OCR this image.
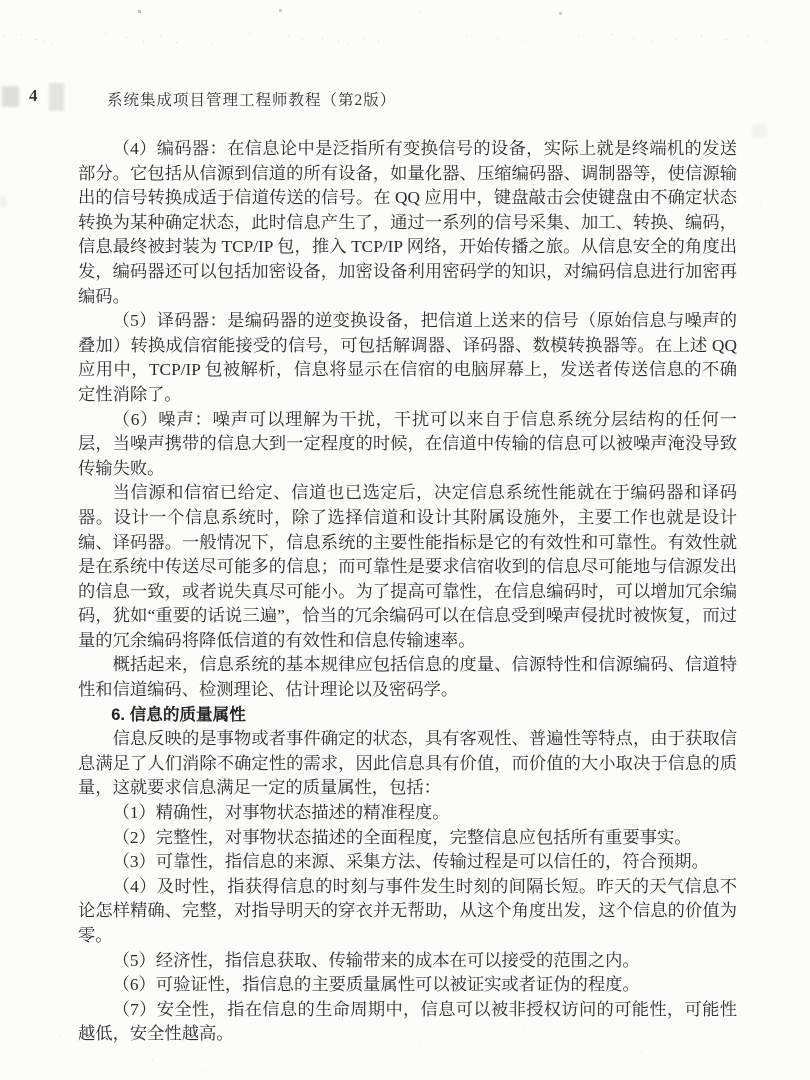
4	系统集成项目管理工程师教程（第2版）

（4）编码器：在信息论中是泛指所有变换信号的设备，实际上就是终端机的发送部分。它包括从信源到信道的所有设备，如量化器、压缩编码器、调制器等，使信源输出的信号转换成适于信道传送的信号。在 QQ 应用中，键盘敲击会使键盘由不确定状态转换为某种确定状态，此时信息产生了，通过一系列的信号采集、加工、转换、编码，信息最终被封装为 TCP/IP 包，推入 TCP/IP 网络，开始传播之旅。从信息安全的角度出发，编码器还可以包括加密设备，加密设备利用密码学的知识，对编码信息进行加密再编码。

（5）译码器：是编码器的逆变换设备，把信道上送来的信号（原始信息与噪声的叠加）转换成信宿能接受的信号，可包括解调器、译码器、数模转换器等。在上述 QQ 应用中，TCP/IP 包被解析，信息将显示在信宿的电脑屏幕上，发送者传送信息的不确定性消除了。

（6）噪声：噪声可以理解为干扰，干扰可以来自于信息系统分层结构的任何一层，当噪声携带的信息大到一定程度的时候，在信道中传输的信息可以被噪声淹没导致传输失败。

当信源和信宿已给定、信道也已选定后，决定信息系统性能就在于编码器和译码器。设计一个信息系统时，除了选择信道和设计其附属设施外，主要工作也就是设计编、译码器。一般情况下，信息系统的主要性能指标是它的有效性和可靠性。有效性就是在系统中传送尽可能多的信息；而可靠性是要求信宿收到的信息尽可能地与信源发出的信息一致，或者说失真尽可能小。为了提高可靠性，在信息编码时，可以增加冗余编码，犹如“重要的话说三遍”，恰当的冗余编码可以在信息受到噪声侵扰时被恢复，而过量的冗余编码将降低信道的有效性和信息传输速率。

概括起来，信息系统的基本规律应包括信息的度量、信源特性和信源编码、信道特性和信道编码、检测理论、估计理论以及密码学。

6. 信息的质量属性

信息反映的是事物或者事件确定的状态，具有客观性、普遍性等特点，由于获取信息满足了人们消除不确定性的需求，因此信息具有价值，而价值的大小取决于信息的质量，这就要求信息满足一定的质量属性，包括：

（1）精确性，对事物状态描述的精准程度。

（2）完整性，对事物状态描述的全面程度，完整信息应包括所有重要事实。

（3）可靠性，指信息的来源、采集方法、传输过程是可以信任的，符合预期。

（4）及时性，指获得信息的时刻与事件发生时刻的间隔长短。昨天的天气信息不论怎样精确、完整，对指导明天的穿衣并无帮助，从这个角度出发，这个信息的价值为零。

（5）经济性，指信息获取、传输带来的成本在可以接受的范围之内。

（6）可验证性，指信息的主要质量属性可以被证实或者证伪的程度。

（7）安全性，指在信息的生命周期中，信息可以被非授权访问的可能性，可能性越低，安全性越高。
